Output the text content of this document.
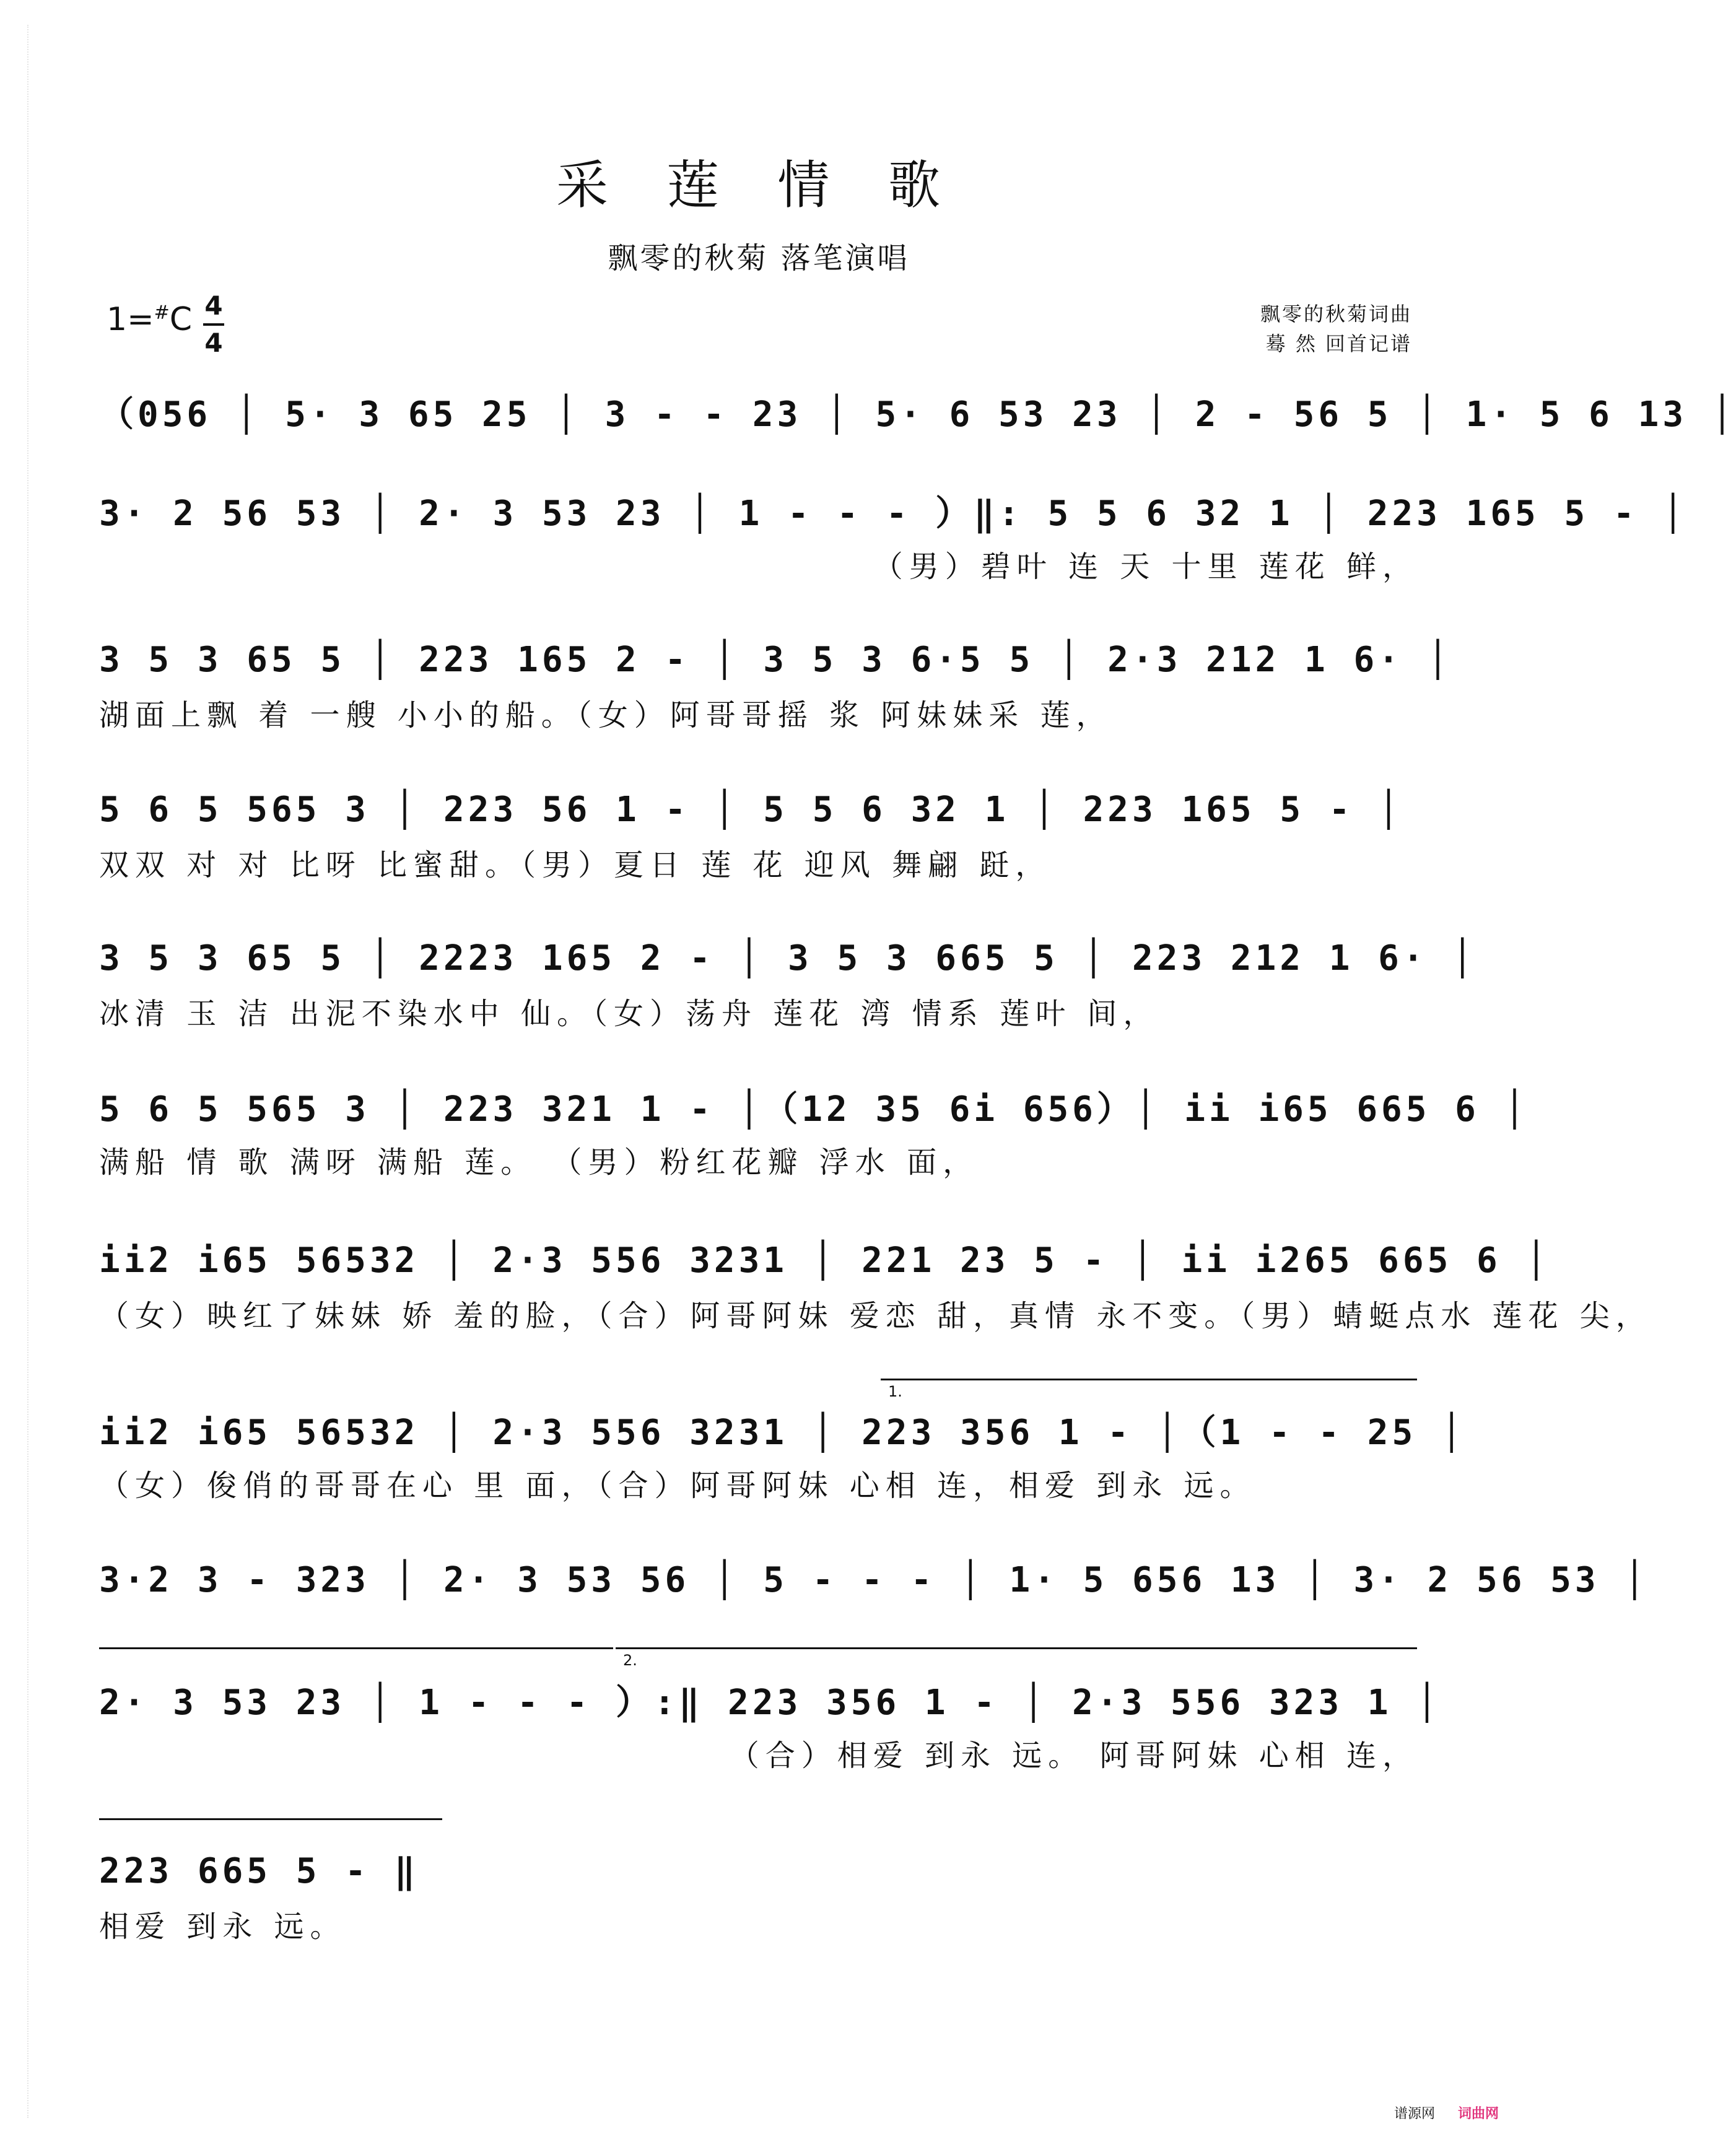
采 莲 情 歌
飘零的秋菊 落笔演唱
1=#C 4
4
飘零的秋菊词曲
蓦 然 回首记谱
（056 │ 5· 3 65 25 │ 3 - - 23 │ 5· 6 53 23 │ 2 - 56 5 │ 1· 5 6 13 │
3· 2 56 53 │ 2· 3 53 23 │ 1 - - - ）‖: 5 5 6 32 1 │ 223 165 5 - │
（男）碧叶 连 天 十里 莲花 鲜，
3 5 3 65 5 │ 223 165 2 - │ 3 5 3 6·5 5 │ 2·3 212 1 6· │
湖面上飘 着 一艘 小小的船。（女）阿哥哥摇 浆 阿妹妹采 莲，
5 6 5 565 3 │ 223 56 1 - │ 5 5 6 32 1 │ 223 165 5 - │
双双 对 对 比呀 比蜜甜。（男）夏日 莲 花 迎风 舞翩 跹，
3 5 3 65 5 │ 2223 165 2 - │ 3 5 3 665 5 │ 223 212 1 6· │
冰清 玉 洁 出泥不染水中 仙。（女）荡舟 莲花 湾 情系 莲叶 间，
5 6 5 565 3 │ 223 321 1 - │（12 35 6i 656）│ ii i65 665 6 │
满船 情 歌 满呀 满船 莲。 （男）粉红花瓣 浮水 面，
ii2 i65 56532 │ 2·3 556 3231 │ 221 23 5 - │ ii i265 665 6 │
（女）映红了妹妹 娇 羞的脸，（合）阿哥阿妹 爱恋 甜，真情 永不变。（男）蜻蜓点水 莲花 尖，
1.
ii2 i65 56532 │ 2·3 556 3231 │ 223 356 1 - │（1 - - 25 │
（女）俊俏的哥哥在心 里 面，（合）阿哥阿妹 心相 连，相爱 到永 远。
3·2 3 - 323 │ 2· 3 53 56 │ 5 - - - │ 1· 5 656 13 │ 3· 2 56 53 │
2.
2· 3 53 23 │ 1 - - - ）:‖ 223 356 1 - │ 2·3 556 323 1 │
（合）相爱 到永 远。 阿哥阿妹 心相 连，
223 665 5 - ‖
相爱 到永 远。
谱源网 词曲网
